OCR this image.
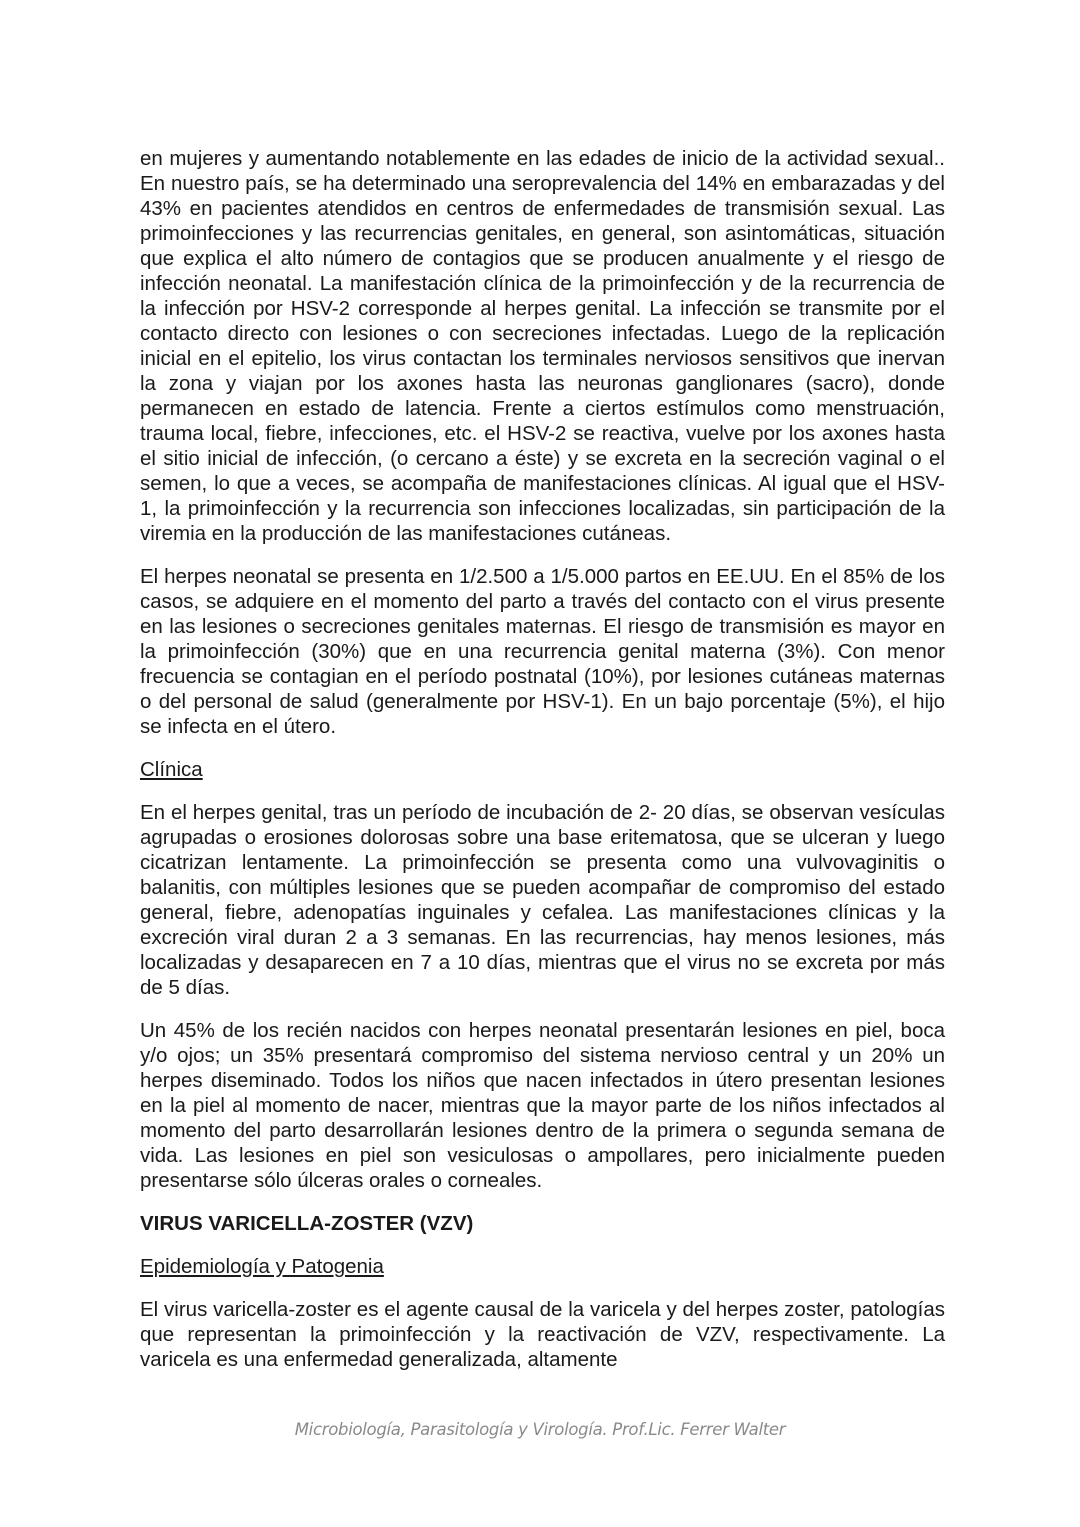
en mujeres y aumentando notablemente en las edades de inicio de la actividad sexual.. En nuestro país, se ha determinado una seroprevalencia del 14% en embarazadas y del 43% en pacientes atendidos en centros de enfermedades de transmisión sexual. Las primoinfecciones y las recurrencias genitales, en general, son asintomáticas, situación que explica el alto número de contagios que se producen anualmente y el riesgo de infección neonatal. La manifestación clínica de la primoinfección y de la recurrencia de la infección por HSV-2 corresponde al herpes genital. La infección se transmite por el contacto directo con lesiones o con secreciones infectadas. Luego de la replicación inicial en el epitelio, los virus contactan los terminales nerviosos sensitivos que inervan la zona y viajan por los axones hasta las neuronas ganglionares (sacro), donde permanecen en estado de latencia. Frente a ciertos estímulos como menstruación, trauma local, fiebre, infecciones, etc. el HSV-2 se reactiva, vuelve por los axones hasta el sitio inicial de infección, (o cercano a éste) y se excreta en la secreción vaginal o el semen, lo que a veces, se acompaña de manifestaciones clínicas. Al igual que el HSV-1, la primoinfección y la recurrencia son infecciones localizadas, sin participación de la viremia en la producción de las manifestaciones cutáneas.

El herpes neonatal se presenta en 1/2.500 a 1/5.000 partos en EE.UU. En el 85% de los casos, se adquiere en el momento del parto a través del contacto con el virus presente en las lesiones o secreciones genitales maternas. El riesgo de transmisión es mayor en la primoinfección (30%) que en una recurrencia genital materna (3%). Con menor frecuencia se contagian en el período postnatal (10%), por lesiones cutáneas maternas o del personal de salud (generalmente por HSV-1). En un bajo porcentaje (5%), el hijo se infecta en el útero.

Clínica

En el herpes genital, tras un período de incubación de 2- 20 días, se observan vesículas agrupadas o erosiones dolorosas sobre una base eritematosa, que se ulceran y luego cicatrizan lentamente. La primoinfección se presenta como una vulvovaginitis o balanitis, con múltiples lesiones que se pueden acompañar de compromiso del estado general, fiebre, adenopatías inguinales y cefalea. Las manifestaciones clínicas y la excreción viral duran 2 a 3 semanas. En las recurrencias, hay menos lesiones, más localizadas y desaparecen en 7 a 10 días, mientras que el virus no se excreta por más de 5 días.

Un 45% de los recién nacidos con herpes neonatal presentarán lesiones en piel, boca y/o ojos; un 35% presentará compromiso del sistema nervioso central y un 20% un herpes diseminado. Todos los niños que nacen infectados in útero presentan lesiones en la piel al momento de nacer, mientras que la mayor parte de los niños infectados al momento del parto desarrollarán lesiones dentro de la primera o segunda semana de vida. Las lesiones en piel son vesiculosas o ampollares, pero inicialmente pueden presentarse sólo úlceras orales o corneales.

VIRUS VARICELLA-ZOSTER (VZV)

Epidemiología y Patogenia

El virus varicella-zoster es el agente causal de la varicela y del herpes zoster, patologías que representan la primoinfección y la reactivación de VZV, respectivamente. La varicela es una enfermedad generalizada, altamente

Microbiología, Parasitología y Virología. Prof.Lic. Ferrer Walter
